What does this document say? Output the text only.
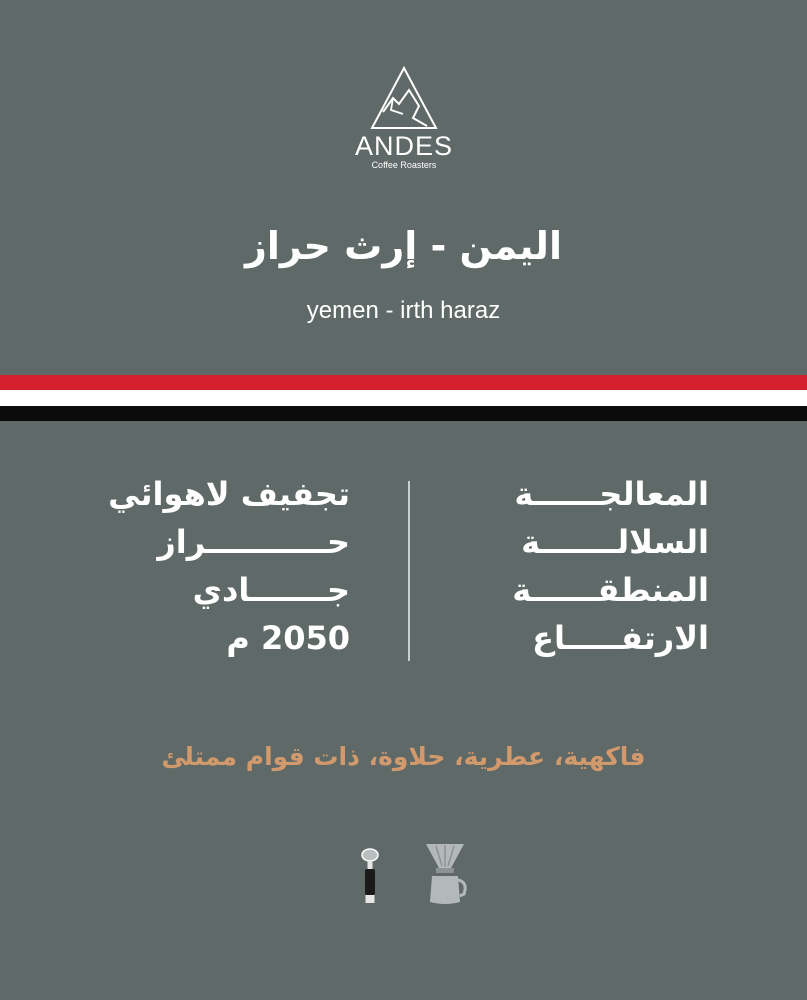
ANDES
Coffee Roasters
اليمن - إرث حراز
yemen - irth haraz
المعالجــــــة
السلالـــــــة
المنطقــــــة
الارتفـــــاع
تجفيف لاهوائي
حـــــــــــراز
جـــــــادي
2050 م
فاكهية، عطرية، حلاوة، ذات قوام ممتلئ
